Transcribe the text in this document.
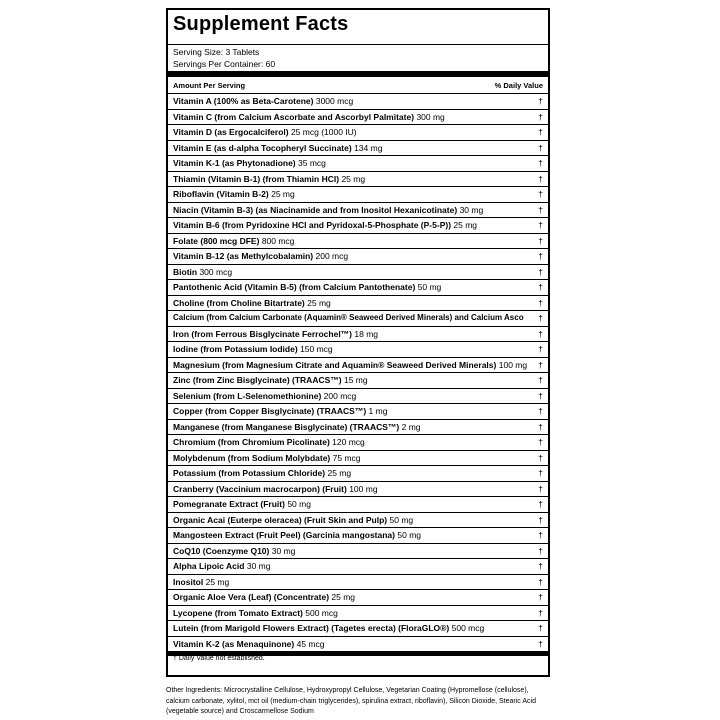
Supplement Facts
Serving Size: 3 Tablets
Servings Per Container: 60
Amount Per Serving	% Daily Value
Vitamin A (100% as Beta-Carotene) 3000 mcg	†
Vitamin C (from Calcium Ascorbate and Ascorbyl Palmitate) 300 mg	†
Vitamin D (as Ergocalciferol) 25 mcg (1000 IU)	†
Vitamin E (as d-alpha Tocopheryl Succinate) 134 mg	†
Vitamin K-1 (as Phytonadione) 35 mcg	†
Thiamin (Vitamin B-1) (from Thiamin HCl) 25 mg	†
Riboflavin (Vitamin B-2) 25 mg	†
Niacin (Vitamin B-3) (as Niacinamide and from Inositol Hexanicotinate) 30 mg	†
Vitamin B-6 (from Pyridoxine HCl and Pyridoxal-5-Phosphate (P-5-P)) 25 mg	†
Folate (800 mcg DFE) 800 mcg	†
Vitamin B-12 (as Methylcobalamin) 200 mcg	†
Biotin 300 mcg	†
Pantothenic Acid (Vitamin B-5) (from Calcium Pantothenate) 50 mg	†
Choline (from Choline Bitartrate) 25 mg	†
Calcium (from Calcium Carbonate (Aquamin® Seaweed Derived Minerals) and Calcium Asco †
Iron (from Ferrous Bisglycinate Ferrochel™) 18 mg	†
Iodine (from Potassium Iodide) 150 mcg	†
Magnesium (from Magnesium Citrate and Aquamin® Seaweed Derived Minerals) 100 mg †
Zinc (from Zinc Bisglycinate) (TRAACS™) 15 mg	†
Selenium (from L-Selenomethionine) 200 mcg	†
Copper (from Copper Bisglycinate) (TRAACS™) 1 mg	†
Manganese (from Manganese Bisglycinate) (TRAACS™) 2 mg	†
Chromium (from Chromium Picolinate) 120 mcg	†
Molybdenum (from Sodium Molybdate) 75 mcg	†
Potassium (from Potassium Chloride) 25 mg	†
Cranberry (Vaccinium macrocarpon) (Fruit) 100 mg	†
Pomegranate Extract (Fruit) 50 mg	†
Organic Acai (Euterpe oleracea) (Fruit Skin and Pulp) 50 mg	†
Mangosteen Extract (Fruit Peel) (Garcinia mangostana) 50 mg	†
CoQ10 (Coenzyme Q10) 30 mg	†
Alpha Lipoic Acid 30 mg	†
Inositol 25 mg	†
Organic Aloe Vera (Leaf) (Concentrate) 25 mg	†
Lycopene (from Tomato Extract) 500 mcg	†
Lutein (from Marigold Flowers Extract) (Tagetes erecta) (FloraGLO®) 500 mcg	†
Vitamin K-2 (as Menaquinone) 45 mcg	†
† Daily Value not established.
Other Ingredients: Microcrystalline Cellulose, Hydroxypropyl Cellulose, Vegetarian Coating (Hypromellose (cellulose), calcium carbonate, xylitol, mct oil (medium-chain triglycerides), spirulina extract, riboflavin), Silicon Dioxide, Stearic Acid (vegetable source) and Croscarmellose Sodium
